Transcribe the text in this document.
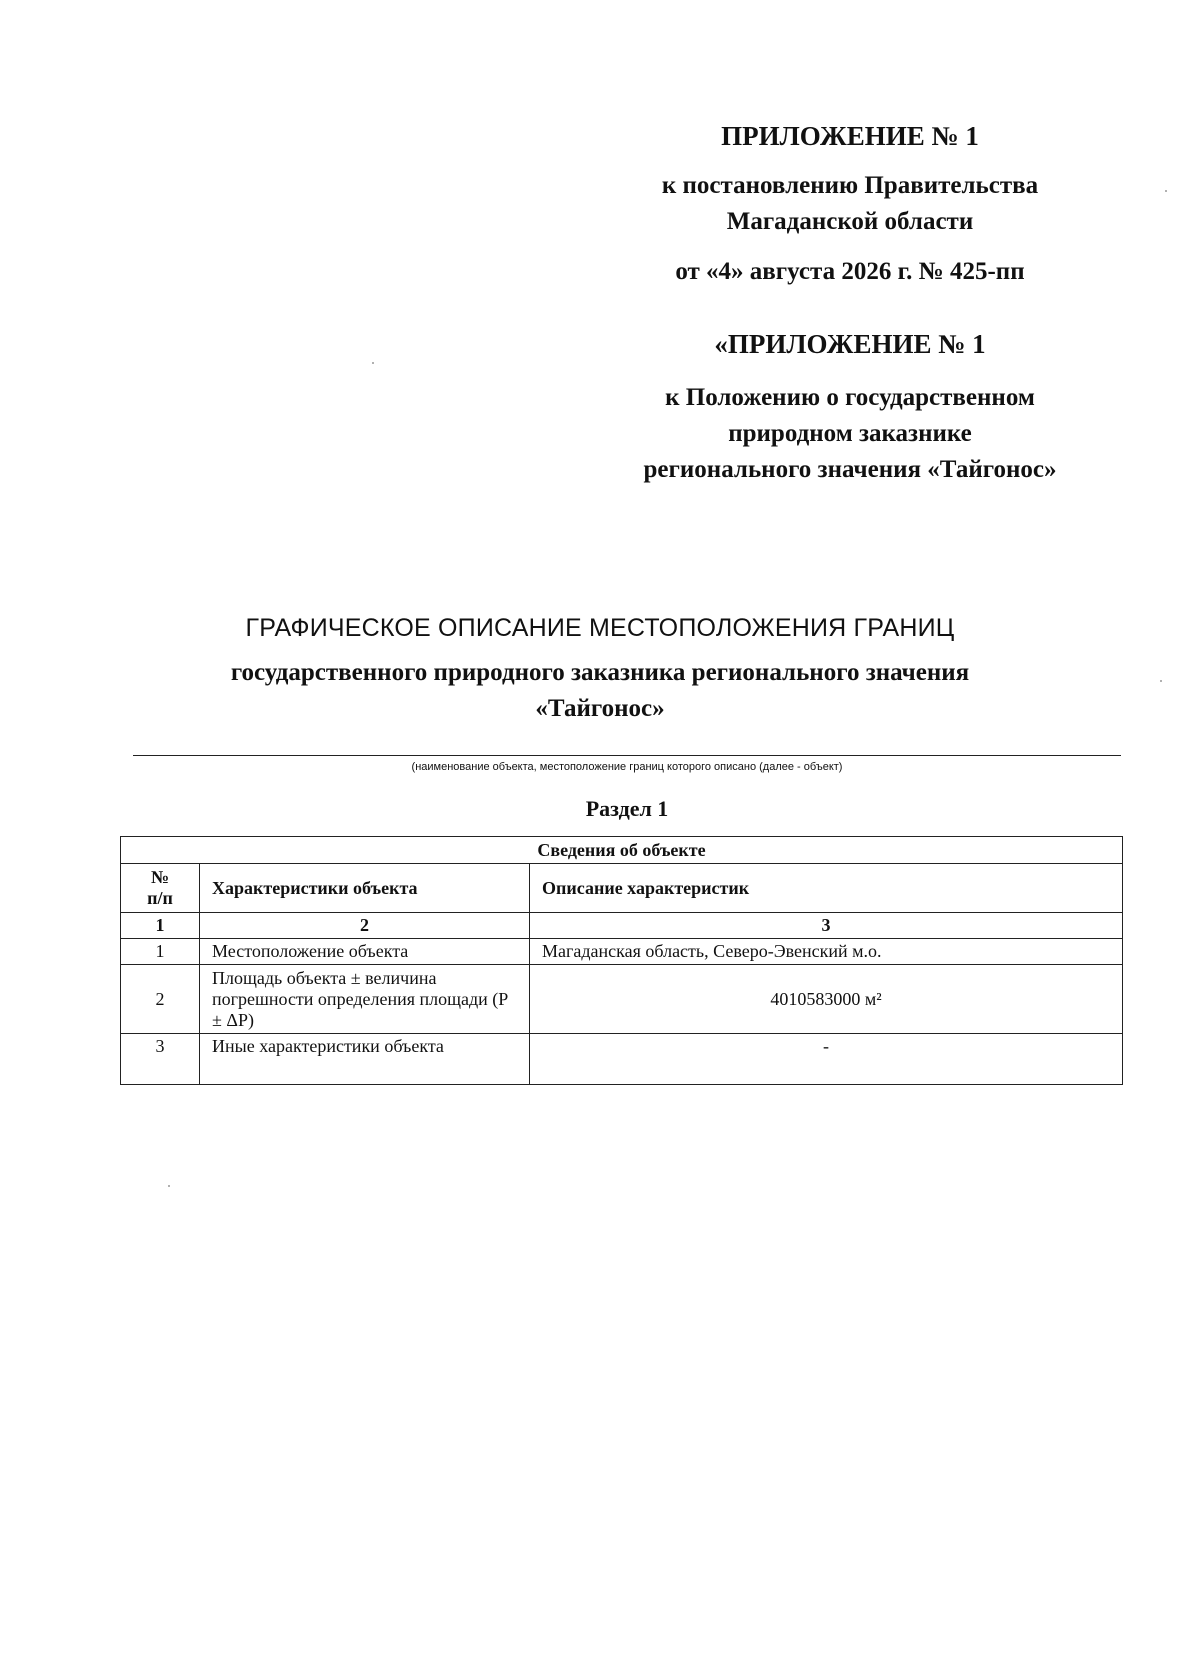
ПРИЛОЖЕНИЕ № 1
к постановлению Правительства
Магаданской области
от «4» августа 2026 г. № 425-пп
«ПРИЛОЖЕНИЕ № 1
к Положению о государственном
природном заказнике
регионального значения «Тайгонос»
ГРАФИЧЕСКОЕ ОПИСАНИЕ МЕСТОПОЛОЖЕНИЯ ГРАНИЦ
государственного природного заказника регионального значения
«Тайгонос»
(наименование объекта, местоположение границ которого описано (далее - объект)
Раздел 1
Сведения об объекте		

№
п/п	Характеристики объекта	Описание характеристик
1	2	3
1	Местоположение объекта	Магаданская область, Северо-Эвенский м.о.
2	Площадь объекта ± величина погрешности определения площади (Р ± ΔР)	4010583000 м²
3	Иные характеристики объекта	-
